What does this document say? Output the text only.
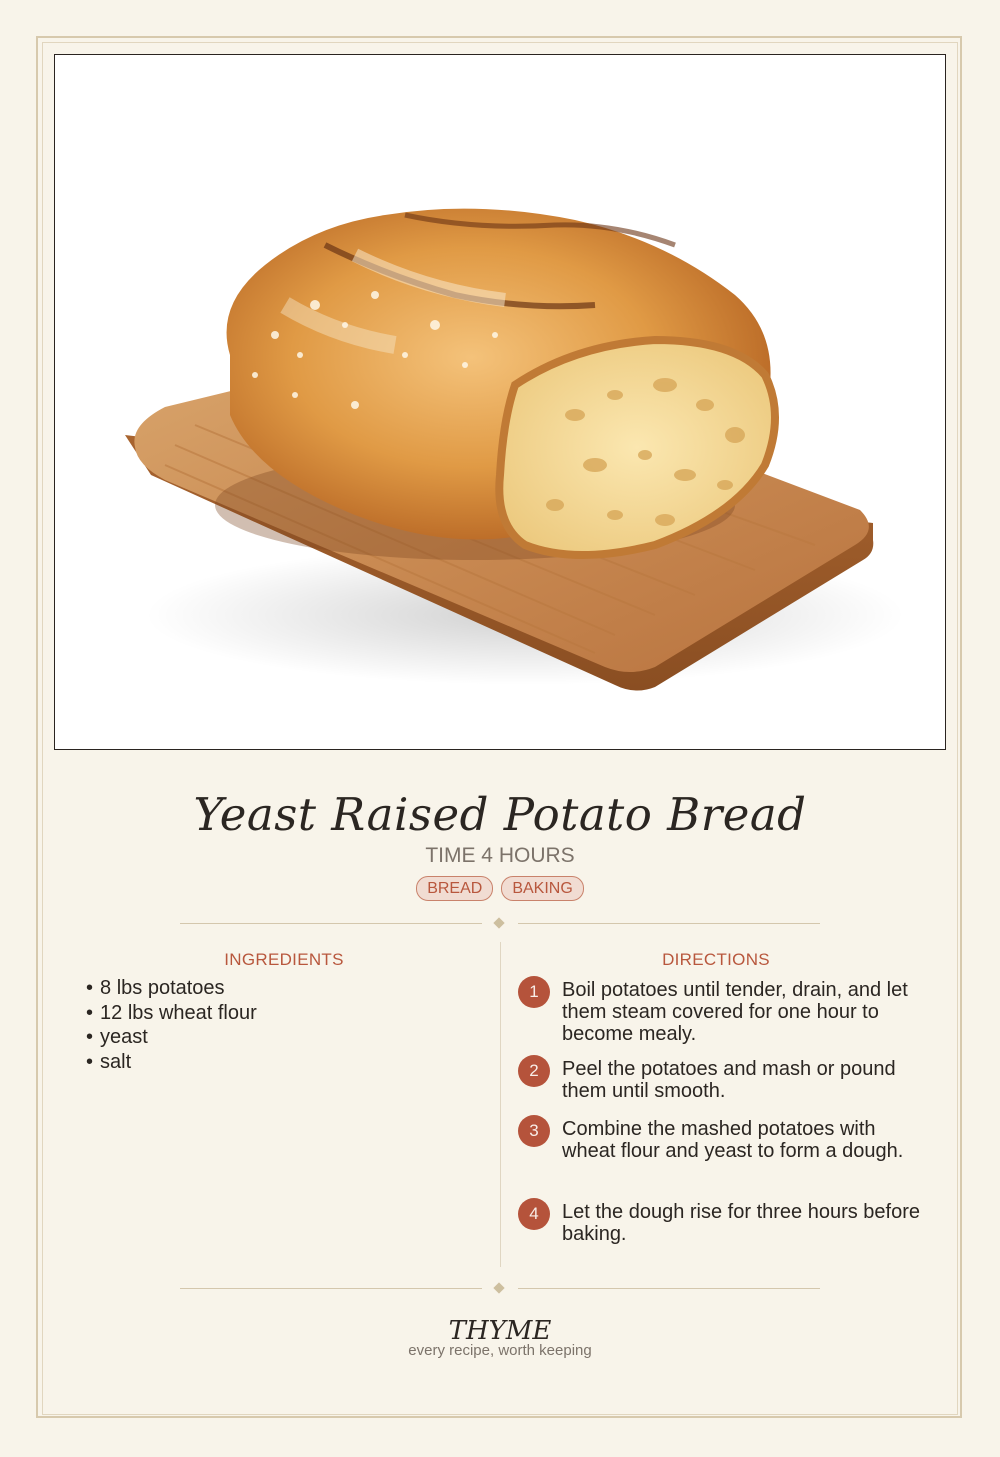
Yeast Raised Potato Bread
TIME 4 HOURS
BREAD	BAKING
INGREDIENTS
• 8 lbs potatoes
• 12 lbs wheat flour
• yeast
• salt
DIRECTIONS
1	Boil potatoes until tender, drain, and let them steam covered for one hour to become mealy.
2	Peel the potatoes and mash or pound them until smooth.
3	Combine the mashed potatoes with wheat flour and yeast to form a dough.
4	Let the dough rise for three hours before baking.
THYME
every recipe, worth keeping
